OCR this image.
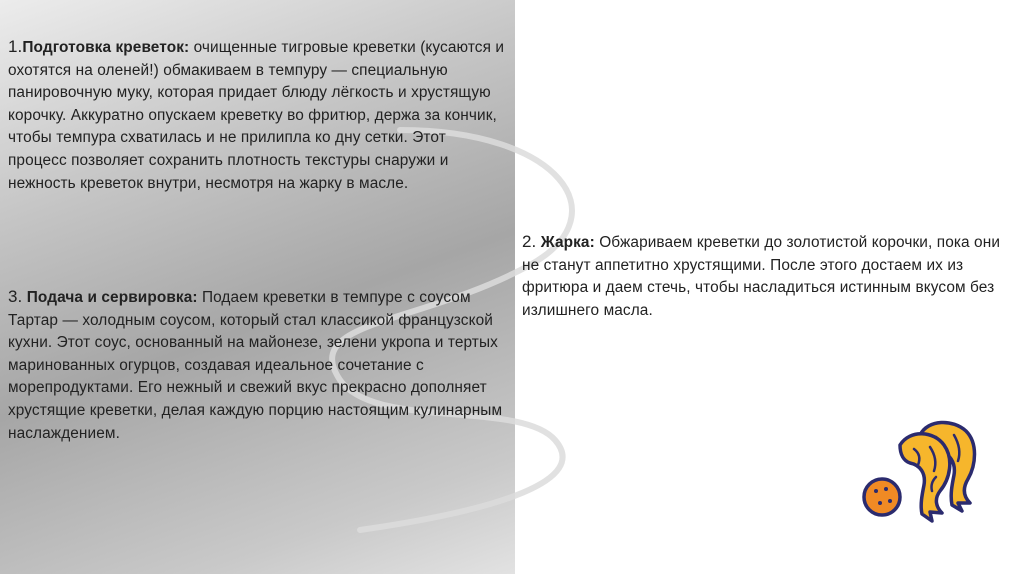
1.Подготовка креветок: очищенные тигровые креветки (кусаются и охотятся на оленей!) обмакиваем в темпуру — специальную панировочную муку, которая придает блюду лёгкость и хрустящую корочку. Аккуратно опускаем креветку во фритюр, держа за кончик, чтобы темпура схватилась и не прилипла ко дну сетки. Этот процесс позволяет сохранить плотность текстуры снаружи и нежность креветок внутри, несмотря на жарку в масле.

3. Подача и сервировка: Подаем креветки в темпуре с соусом Тартар — холодным соусом, который стал классикой французской кухни. Этот соус, основанный на майонезе, зелени укропа и тертых маринованных огурцов, создавая идеальное сочетание с морепродуктами. Его нежный и свежий вкус прекрасно дополняет хрустящие креветки, делая каждую порцию настоящим кулинарным наслаждением.

2. Жарка: Обжариваем креветки до золотистой корочки, пока они не станут аппетитно хрустящими. После этого достаем их из фритюра и даем стечь, чтобы насладиться истинным вкусом без излишнего масла.
